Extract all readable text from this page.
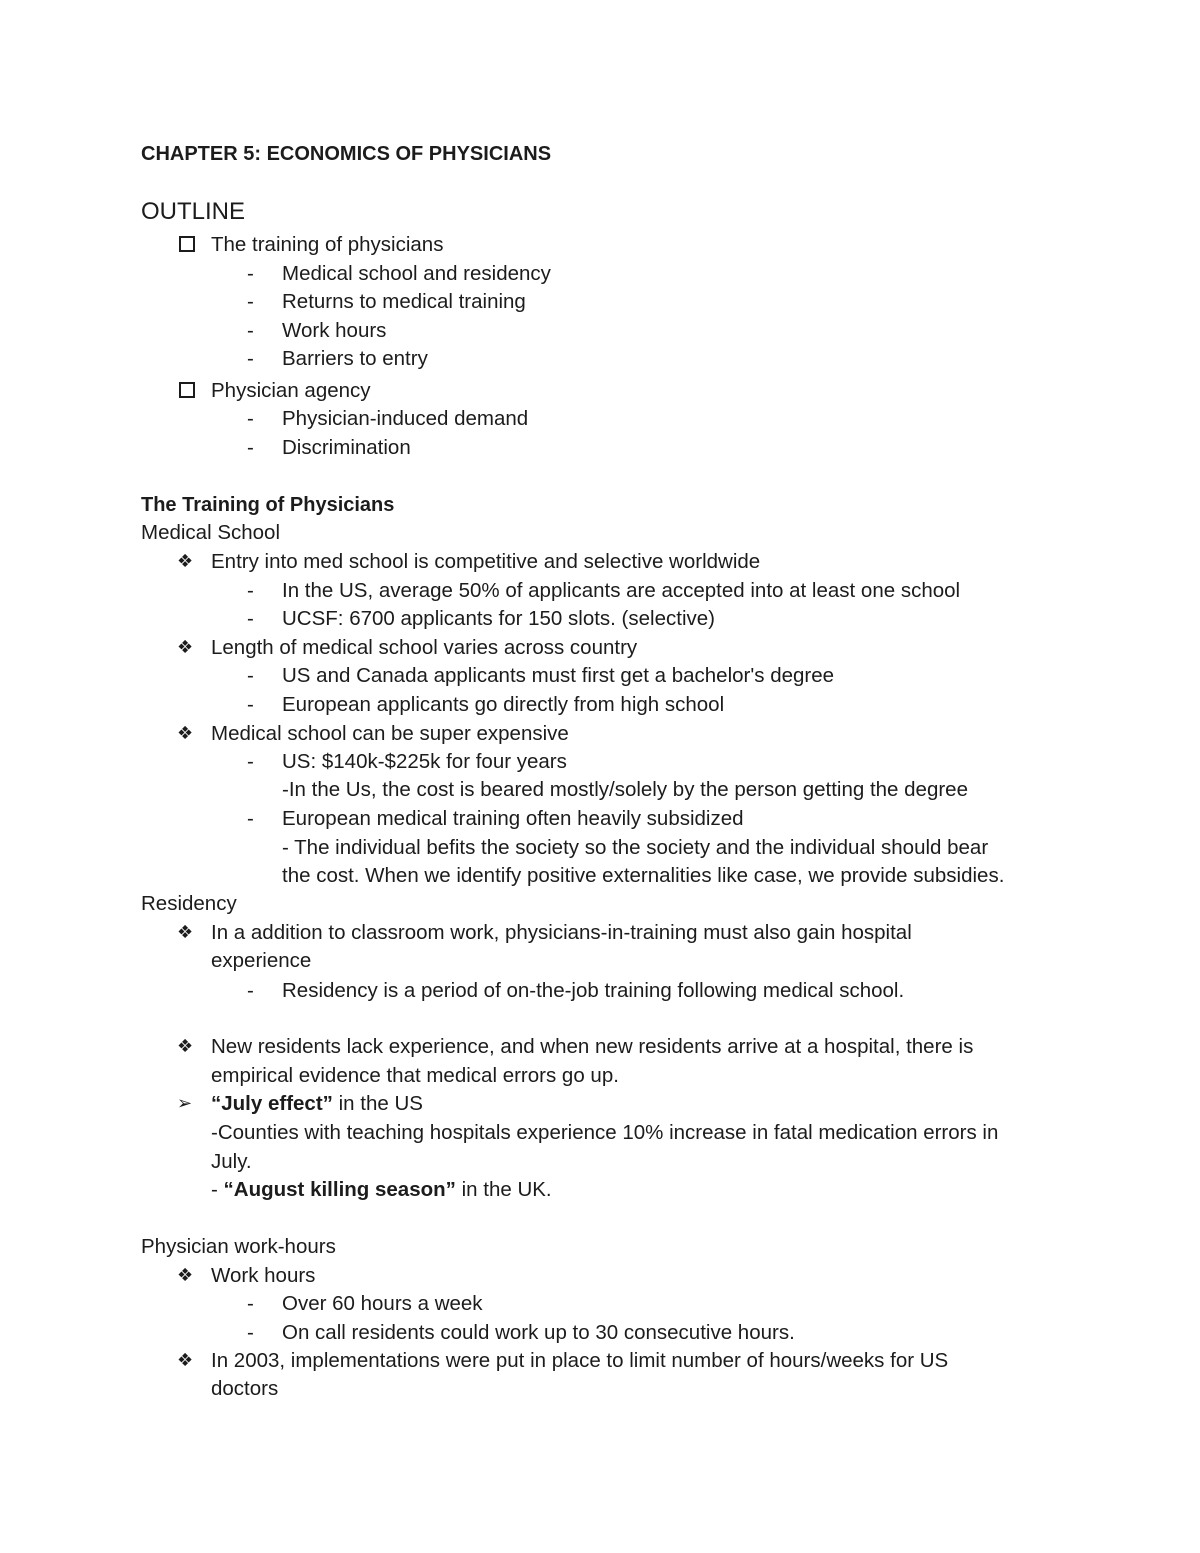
CHAPTER 5: ECONOMICS OF PHYSICIANS
OUTLINE
The training of physicians
- Medical school and residency
- Returns to medical training
- Work hours
- Barriers to entry
Physician agency
- Physician-induced demand
- Discrimination
The Training of Physicians
Medical School
❖ Entry into med school is competitive and selective worldwide
- In the US, average 50% of applicants are accepted into at least one school
- UCSF: 6700 applicants for 150 slots. (selective)
❖ Length of medical school varies across country
- US and Canada applicants must first get a bachelor's degree
- European applicants go directly from high school
❖ Medical school can be super expensive
- US: $140k-$225k for four years
-In the Us, the cost is beared mostly/solely by the person getting the degree
- European medical training often heavily subsidized
- The individual befits the society so the society and the individual should bear
the cost. When we identify positive externalities like case, we provide subsidies.
Residency
❖ In a addition to classroom work, physicians-in-training must also gain hospital
experience
- Residency is a period of on-the-job training following medical school.
❖ New residents lack experience, and when new residents arrive at a hospital, there is
empirical evidence that medical errors go up.
➢ “July effect” in the US
-Counties with teaching hospitals experience 10% increase in fatal medication errors in
July.
- “August killing season” in the UK.
Physician work-hours
❖ Work hours
- Over 60 hours a week
- On call residents could work up to 30 consecutive hours.
❖ In 2003, implementations were put in place to limit number of hours/weeks for US
doctors
